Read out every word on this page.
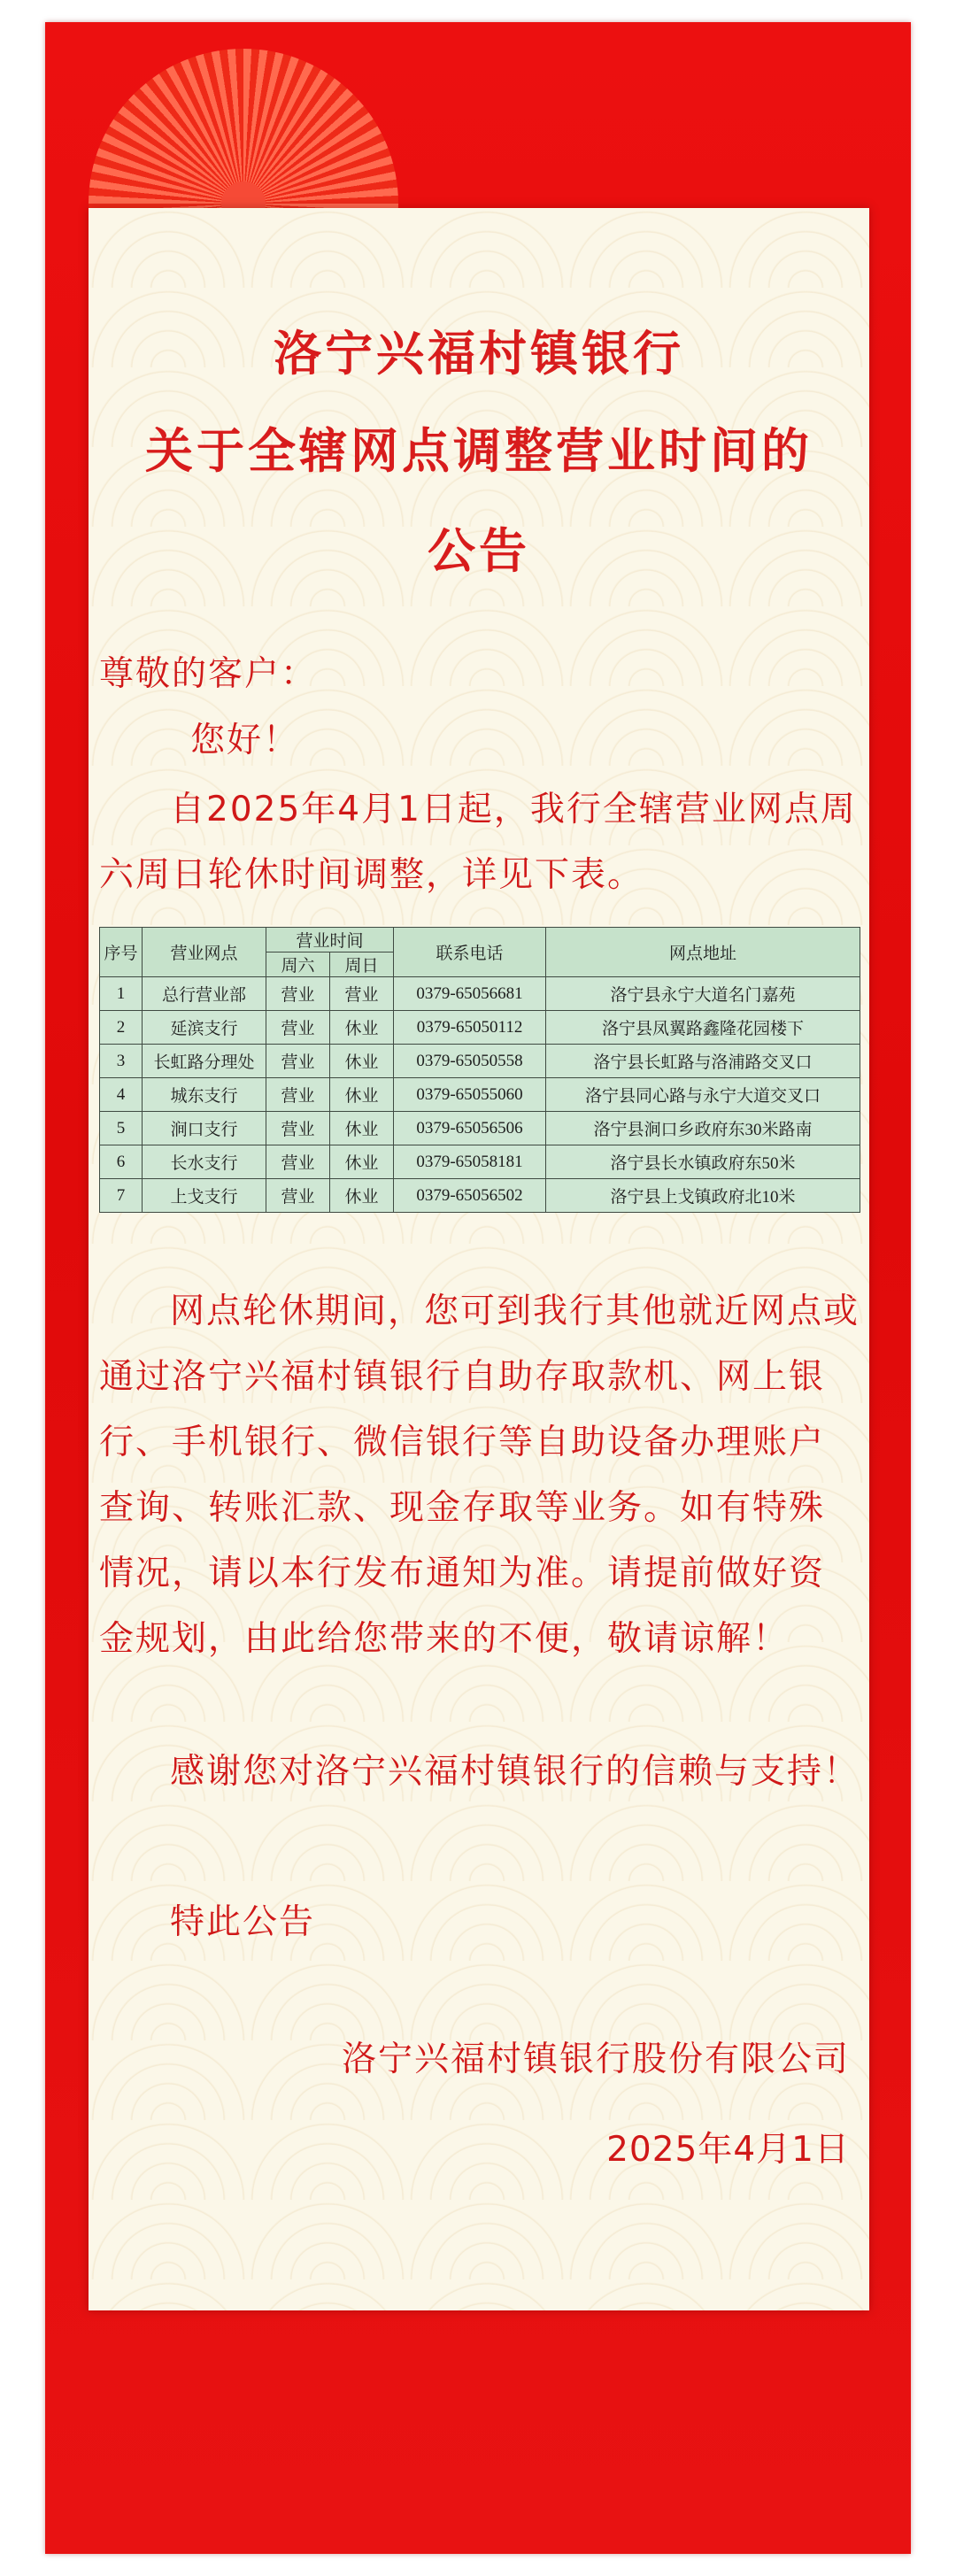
洛宁兴福村镇银行
关于全辖网点调整营业时间的
公告

尊敬的客户：

您好！

自2025年4月1日起，我行全辖营业网点周六周日轮休时间调整，详见下表。

序号	营业网点	营业时间		联系电话	网点地址
		周六	周日		
1	总行营业部	营业	营业	0379-65056681	洛宁县永宁大道名门嘉苑
2	延滨支行	营业	休业	0379-65050112	洛宁县凤翼路鑫隆花园楼下
3	长虹路分理处	营业	休业	0379-65050558	洛宁县长虹路与洛浦路交叉口
4	城东支行	营业	休业	0379-65055060	洛宁县同心路与永宁大道交叉口
5	涧口支行	营业	休业	0379-65056506	洛宁县涧口乡政府东30米路南
6	长水支行	营业	休业	0379-65058181	洛宁县长水镇政府东50米
7	上戈支行	营业	休业	0379-65056502	洛宁县上戈镇政府北10米

网点轮休期间，您可到我行其他就近网点或通过洛宁兴福村镇银行自助存取款机、网上银行、手机银行、微信银行等自助设备办理账户查询、转账汇款、现金存取等业务。如有特殊情况，请以本行发布通知为准。请提前做好资金规划，由此给您带来的不便，敬请谅解！

感谢您对洛宁兴福村镇银行的信赖与支持！

特此公告

洛宁兴福村镇银行股份有限公司
2025年4月1日
